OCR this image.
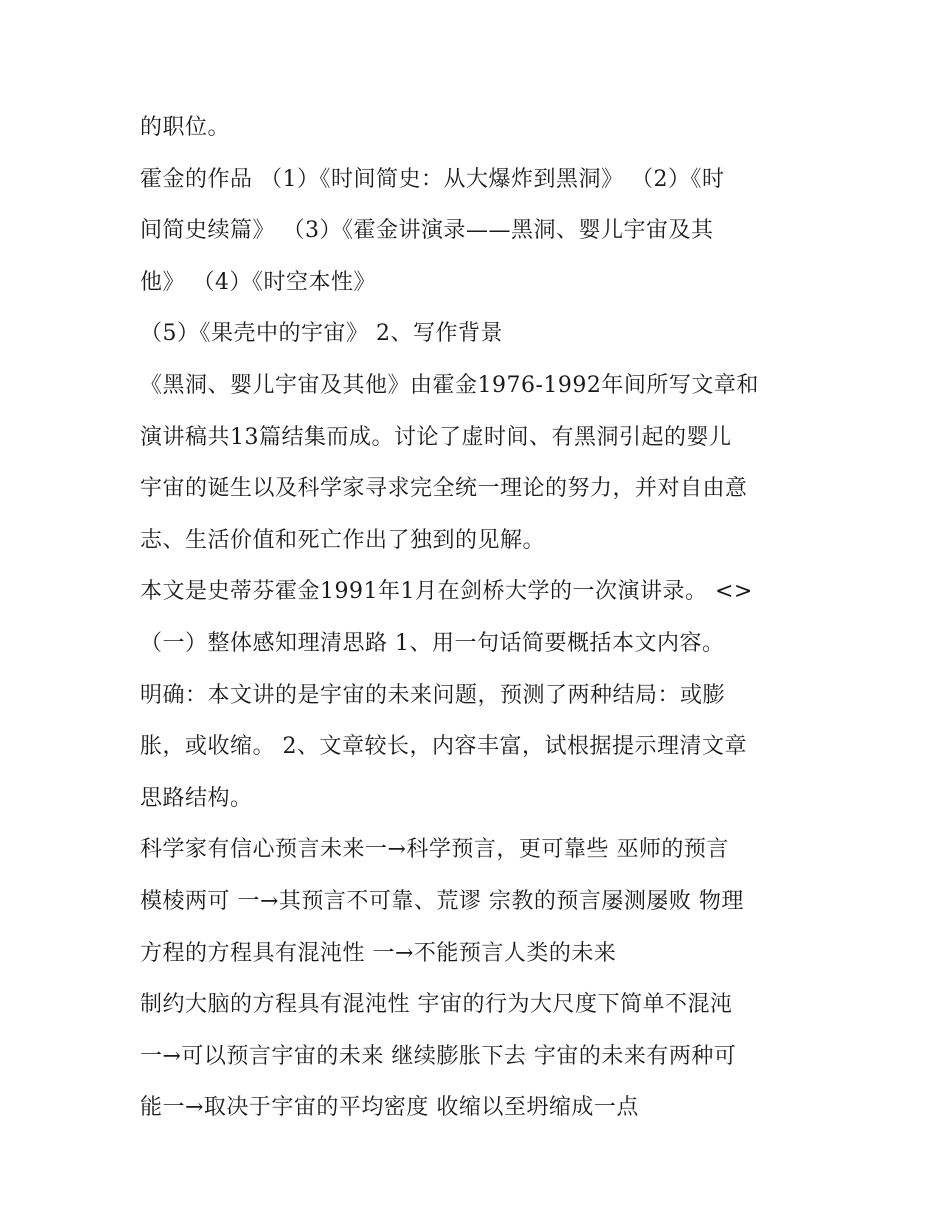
的职位。
霍金的作品 （1）《时间简史：从大爆炸到黑洞》 （2）《时
间简史续篇》 （3）《霍金讲演录——黑洞、婴儿宇宙及其
他》 （4）《时空本性》
（5）《果壳中的宇宙》 2、写作背景
《黑洞、婴儿宇宙及其他》由霍金1976-1992年间所写文章和
演讲稿共13篇结集而成。讨论了虚时间、有黑洞引起的婴儿
宇宙的诞生以及科学家寻求完全统一理论的努力，并对自由意
志、生活价值和死亡作出了独到的见解。
本文是史蒂芬霍金1991年1月在剑桥大学的一次演讲录。 <>
（一）整体感知理清思路 1、用一句话简要概括本文内容。
明确：本文讲的是宇宙的未来问题，预测了两种结局：或膨
胀，或收缩。 2、文章较长，内容丰富，试根据提示理清文章
思路结构。
科学家有信心预言未来一→科学预言，更可靠些 巫师的预言
模棱两可 一→其预言不可靠、荒谬 宗教的预言屡测屡败 物理
方程的方程具有混沌性 一→不能预言人类的未来
制约大脑的方程具有混沌性 宇宙的行为大尺度下简单不混沌
一→可以预言宇宙的未来 继续膨胀下去 宇宙的未来有两种可
能一→取决于宇宙的平均密度 收缩以至坍缩成一点
